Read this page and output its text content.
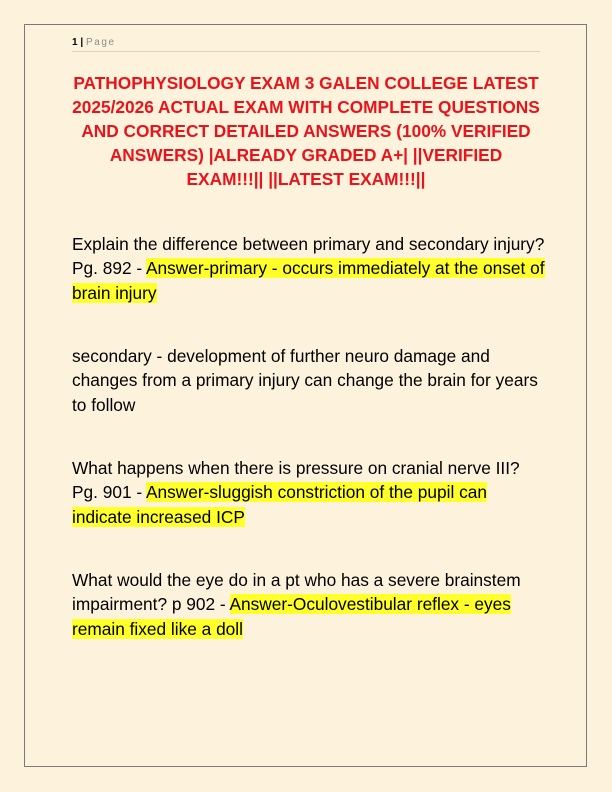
1 | Page
PATHOPHYSIOLOGY EXAM 3 GALEN COLLEGE LATEST 2025/2026 ACTUAL EXAM WITH COMPLETE QUESTIONS AND CORRECT DETAILED ANSWERS (100% VERIFIED ANSWERS) |ALREADY GRADED A+| ||VERIFIED EXAM!!!|| ||LATEST EXAM!!!||

Explain the difference between primary and secondary injury? Pg. 892 - Answer-primary - occurs immediately at the onset of brain injury

secondary - development of further neuro damage and changes from a primary injury can change the brain for years to follow

What happens when there is pressure on cranial nerve III? Pg. 901 - Answer-sluggish constriction of the pupil can indicate increased ICP

What would the eye do in a pt who has a severe brainstem impairment? p 902 - Answer-Oculovestibular reflex - eyes remain fixed like a doll
